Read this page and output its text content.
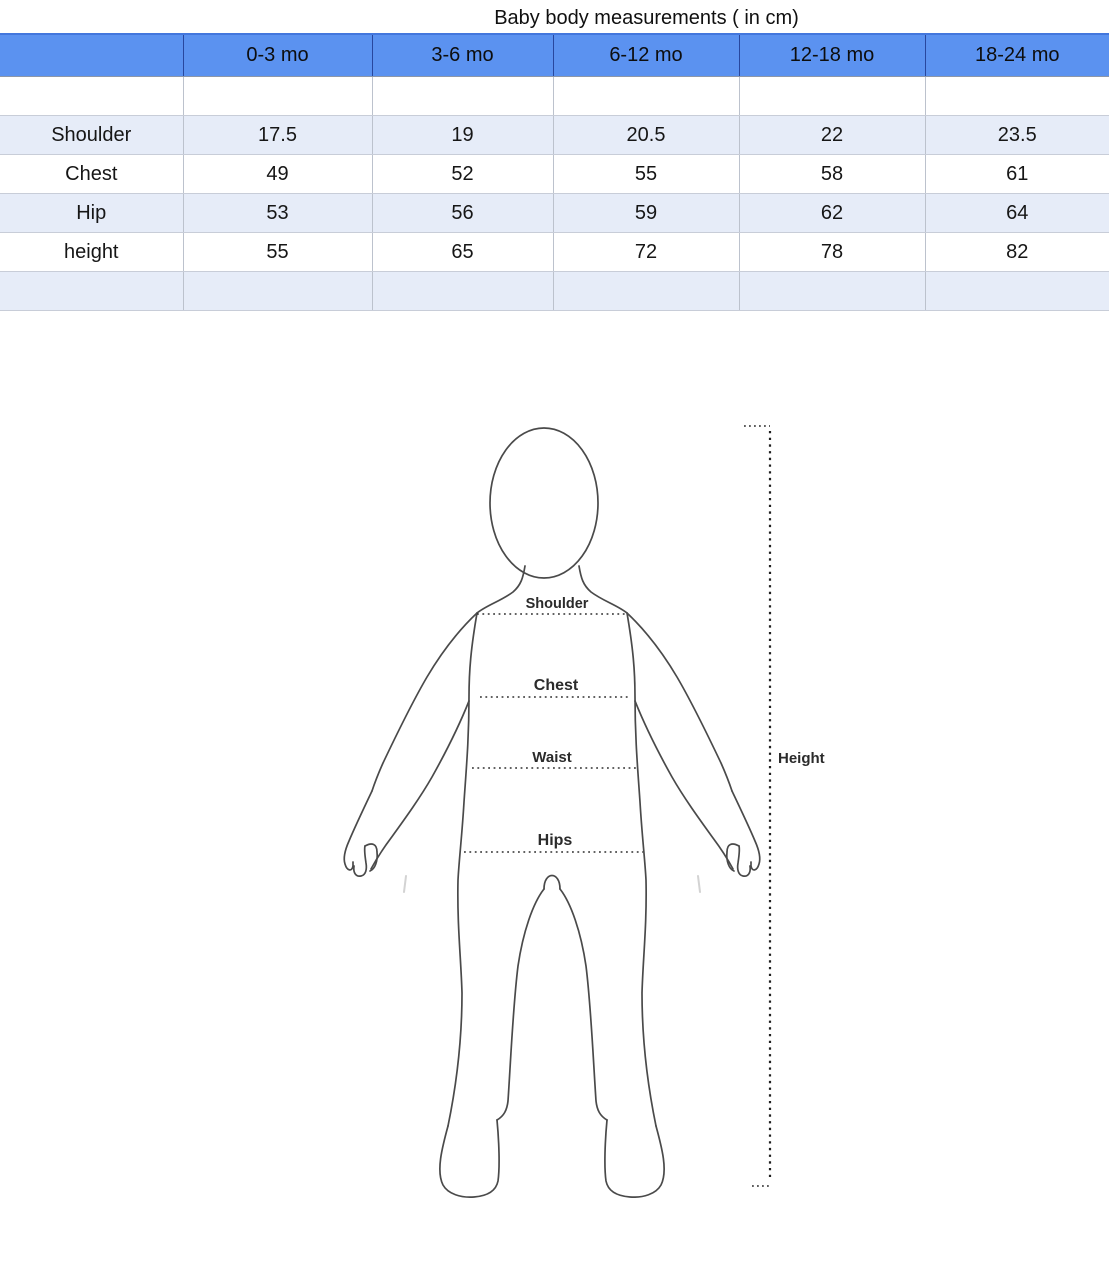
Baby body measurements ( in cm)
	0-3 mo	3-6 mo	6-12 mo	12-18 mo	18-24 mo

Shoulder	17.5	19	20.5	22	23.5
Chest	49	52	55	58	61
Hip	53	56	59	62	64
height	55	65	72	78	82

Shoulder
Chest
Waist
Hips
Height
